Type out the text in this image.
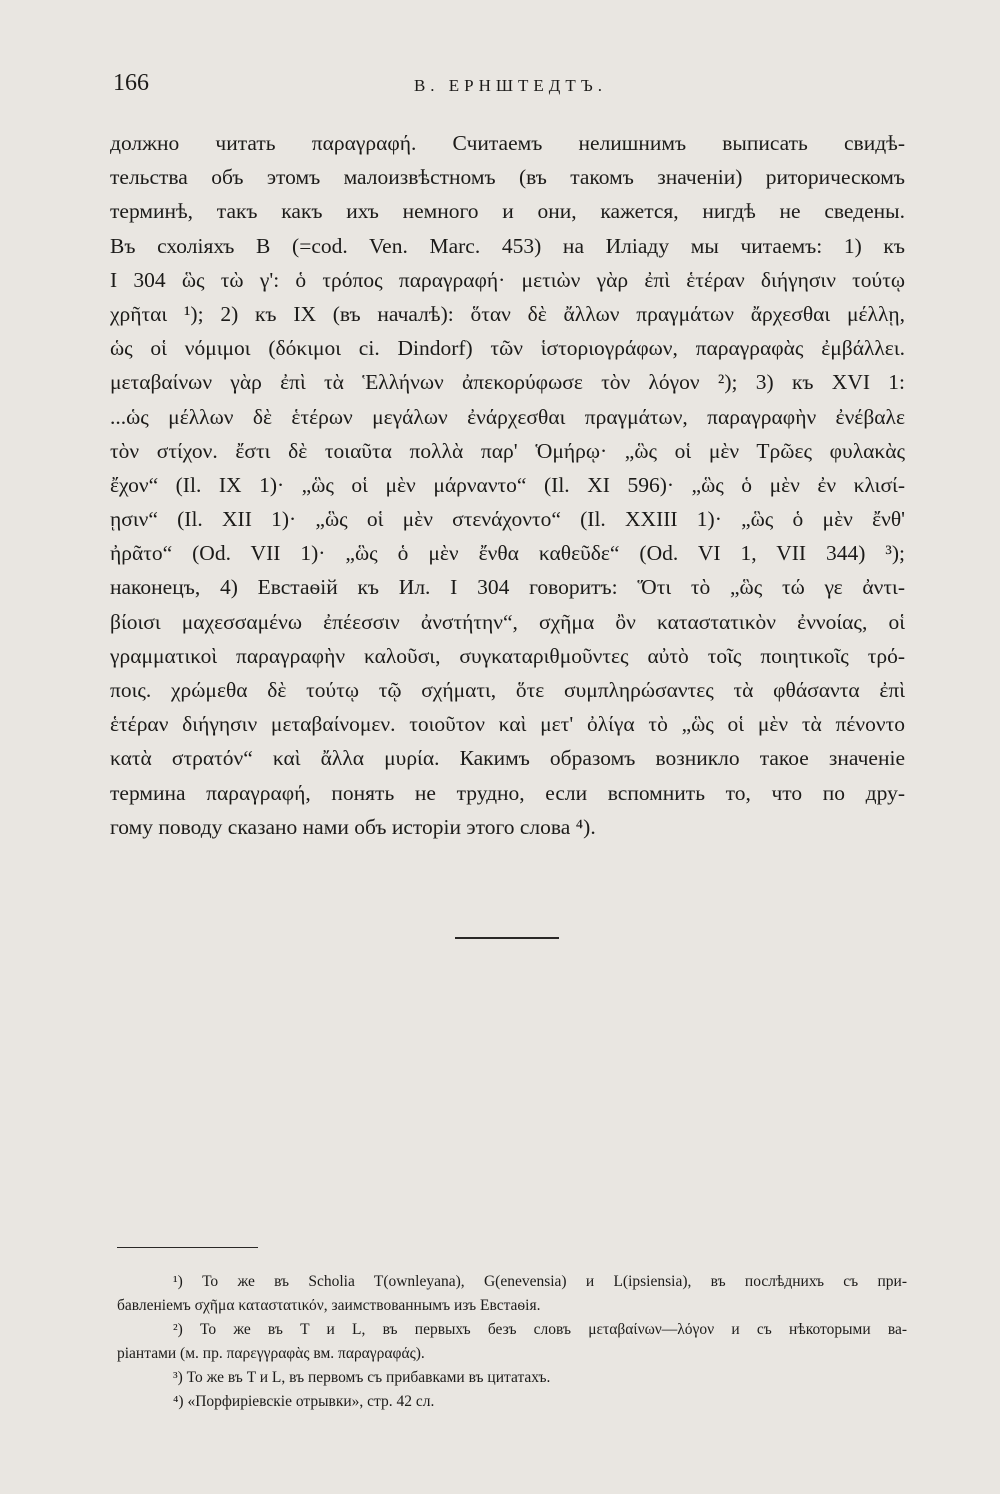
166	В. ЕРНШТЕДТЪ.
должно читать παραγραφή. Считаемъ нелишнимъ выписать свидѣ-
тельства объ этомъ малоизвѣстномъ (въ такомъ значеніи) риторическомъ
терминѣ, такъ какъ ихъ немного и они, кажется, нигдѣ не сведены.
Въ схоліяхъ B (=cod. Ven. Marc. 453) на Иліаду мы читаемъ: 1) къ
I 304 ὣς τὼ γ': ὁ τρόπος παραγραφή· μετιὼν γὰρ ἐπὶ ἑτέραν διήγησιν τούτῳ
χρῆται ¹); 2) къ IX (въ началѣ): ὅταν δὲ ἄλλων πραγμάτων ἄρχεσθαι μέλλῃ,
ὡς οἱ νόμιμοι (δόκιμοι ci. Dindorf) τῶν ἱστοριογράφων, παραγραφὰς ἐμβάλλει.
μεταβαίνων γὰρ ἐπὶ τὰ Ἑλλήνων ἀπεκορύφωσε τὸν λόγον ²); 3) къ XVI 1:
...ὡς μέλλων δὲ ἑτέρων μεγάλων ἐνάρχεσθαι πραγμάτων, παραγραφὴν ἐνέβαλε
τὸν στίχον. ἔστι δὲ τοιαῦτα πολλὰ παρ' Ὁμήρῳ· „ὣς οἱ μὲν Τρῶες φυλακὰς
ἔχον“ (Il. IX 1)· „ὣς οἱ μὲν μάρναντο“ (Il. XI 596)· „ὣς ὁ μὲν ἐν κλισί-
ῃσιν“ (Il. XII 1)· „ὣς οἱ μὲν στενάχοντο“ (Il. XXIII 1)· „ὣς ὁ μὲν ἔνθ'
ἠρᾶτο“ (Od. VII 1)· „ὣς ὁ μὲν ἔνθα καθεῦδε“ (Od. VI 1, VII 344) ³);
наконецъ, 4) Евстаѳій къ Ил. I 304 говоритъ: Ὅτι τὸ „ὣς τώ γε ἀντι-
βίοισι μαχεσσαμένω ἐπέεσσιν ἀνστήτην“, σχῆμα ὂν καταστατικὸν ἐννοίας, οἱ
γραμματικοὶ παραγραφὴν καλοῦσι, συγκαταριθμοῦντες αὐτὸ τοῖς ποιητικοῖς τρό-
ποις. χρώμεθα δὲ τούτῳ τῷ σχήματι, ὅτε συμπληρώσαντες τὰ φθάσαντα ἐπὶ
ἑτέραν διήγησιν μεταβαίνομεν. τοιοῦτον καὶ μετ' ὀλίγα τὸ „ὣς οἱ μὲν τὰ πένοντο
κατὰ στρατόν“ καὶ ἄλλα μυρία. Какимъ образомъ возникло такое значеніе
термина παραγραφή, понять не трудно, если вспомнить то, что по дру-
гому поводу сказано нами объ исторіи этого слова ⁴).
¹) То же въ Scholia T(ownleyana), G(enevensia) и L(ipsiensia), въ послѣднихъ съ при-
бавленіемъ σχῆμα καταστατικόν, заимствованнымъ изъ Евстаѳія.
²) То же въ T и L, въ первыхъ безъ словъ μεταβαίνων—λόγον и съ нѣкоторыми ва-
ріантами (м. пр. παρεγγραφὰς вм. παραγραφάς).
³) То же въ T и L, въ первомъ съ прибавками въ цитатахъ.
⁴) «Порфиріевскіе отрывки», стр. 42 сл.
